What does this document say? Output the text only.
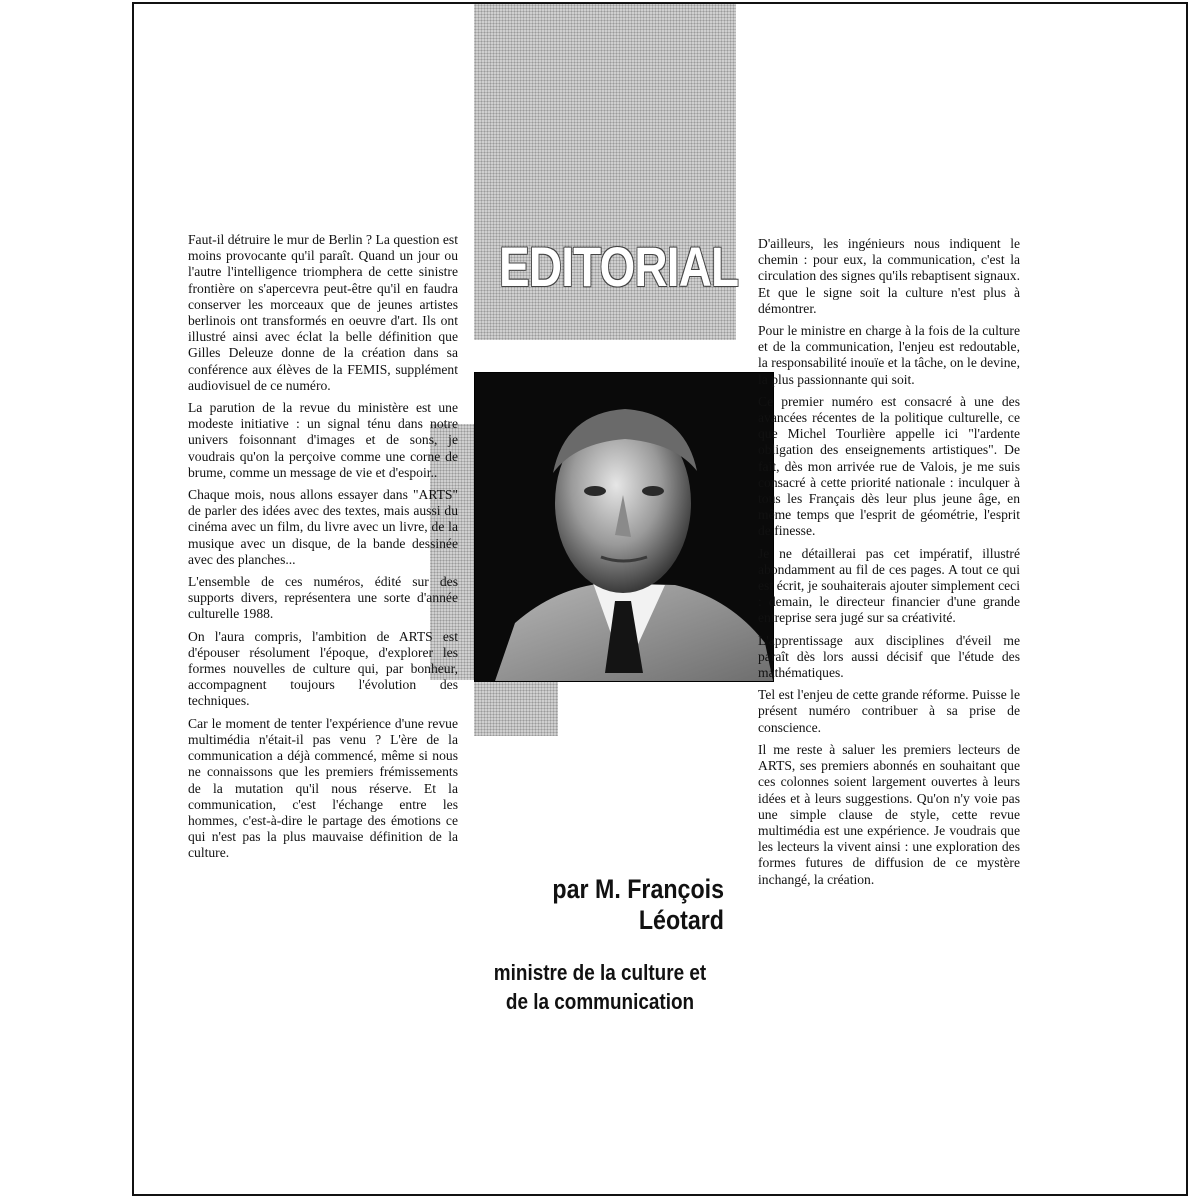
EDITORIAL

Faut-il détruire le mur de Berlin ? La question est moins provocante qu'il paraît. Quand un jour ou l'autre l'intelligence triomphera de cette sinistre frontière on s'apercevra peut-être qu'il en faudra conserver les morceaux que de jeunes artistes berlinois ont transformés en oeuvre d'art. Ils ont illustré ainsi avec éclat la belle définition que Gilles Deleuze donne de la création dans sa conférence aux élèves de la FEMIS, supplément audiovisuel de ce numéro.

La parution de la revue du ministère est une modeste initiative : un signal ténu dans notre univers foisonnant d'images et de sons, je voudrais qu'on la perçoive comme une corne de brume, comme un message de vie et d'espoir..

Chaque mois, nous allons essayer dans "ARTS" de parler des idées avec des textes, mais aussi du cinéma avec un film, du livre avec un livre, de la musique avec un disque, de la bande dessinée avec des planches...

L'ensemble de ces numéros, édité sur des supports divers, représentera une sorte d'année culturelle 1988.

On l'aura compris, l'ambition de ARTS est d'épouser résolument l'époque, d'explorer les formes nouvelles de culture qui, par bonheur, accompagnent toujours l'évolution des techniques.

Car le moment de tenter l'expérience d'une revue multimédia n'était-il pas venu ? L'ère de la communication a déjà commencé, même si nous ne connaissons que les premiers frémissements de la mutation qu'il nous réserve. Et la communication, c'est l'échange entre les hommes, c'est-à-dire le partage des émotions ce qui n'est pas la plus mauvaise définition de la culture.

D'ailleurs, les ingénieurs nous indiquent le chemin : pour eux, la communication, c'est la circulation des signes qu'ils rebaptisent signaux. Et que le signe soit la culture n'est plus à démontrer.

Pour le ministre en charge à la fois de la culture et de la communication, l'enjeu est redoutable, la responsabilité inouïe et la tâche, on le devine, la plus passionnante qui soit.

Ce premier numéro est consacré à une des avancées récentes de la politique culturelle, ce que Michel Tourlière appelle ici "l'ardente obligation des enseignements artistiques". De fait, dès mon arrivée rue de Valois, je me suis consacré à cette priorité nationale : inculquer à tous les Français dès leur plus jeune âge, en même temps que l'esprit de géométrie, l'esprit de finesse.

Je ne détaillerai pas cet impératif, illustré abondamment au fil de ces pages. A tout ce qui est écrit, je souhaiterais ajouter simplement ceci : demain, le directeur financier d'une grande entreprise sera jugé sur sa créativité.

L'apprentissage aux disciplines d'éveil me paraît dès lors aussi décisif que l'étude des mathématiques.

Tel est l'enjeu de cette grande réforme. Puisse le présent numéro contribuer à sa prise de conscience.

Il me reste à saluer les premiers lecteurs de ARTS, ses premiers abonnés en souhaitant que ces colonnes soient largement ouvertes à leurs idées et à leurs suggestions. Qu'on n'y voie pas une simple clause de style, cette revue multimédia est une expérience. Je voudrais que les lecteurs la vivent ainsi : une exploration des formes futures de diffusion de ce mystère inchangé, la création.

par M. François Léotard
ministre de la culture et de la communication
